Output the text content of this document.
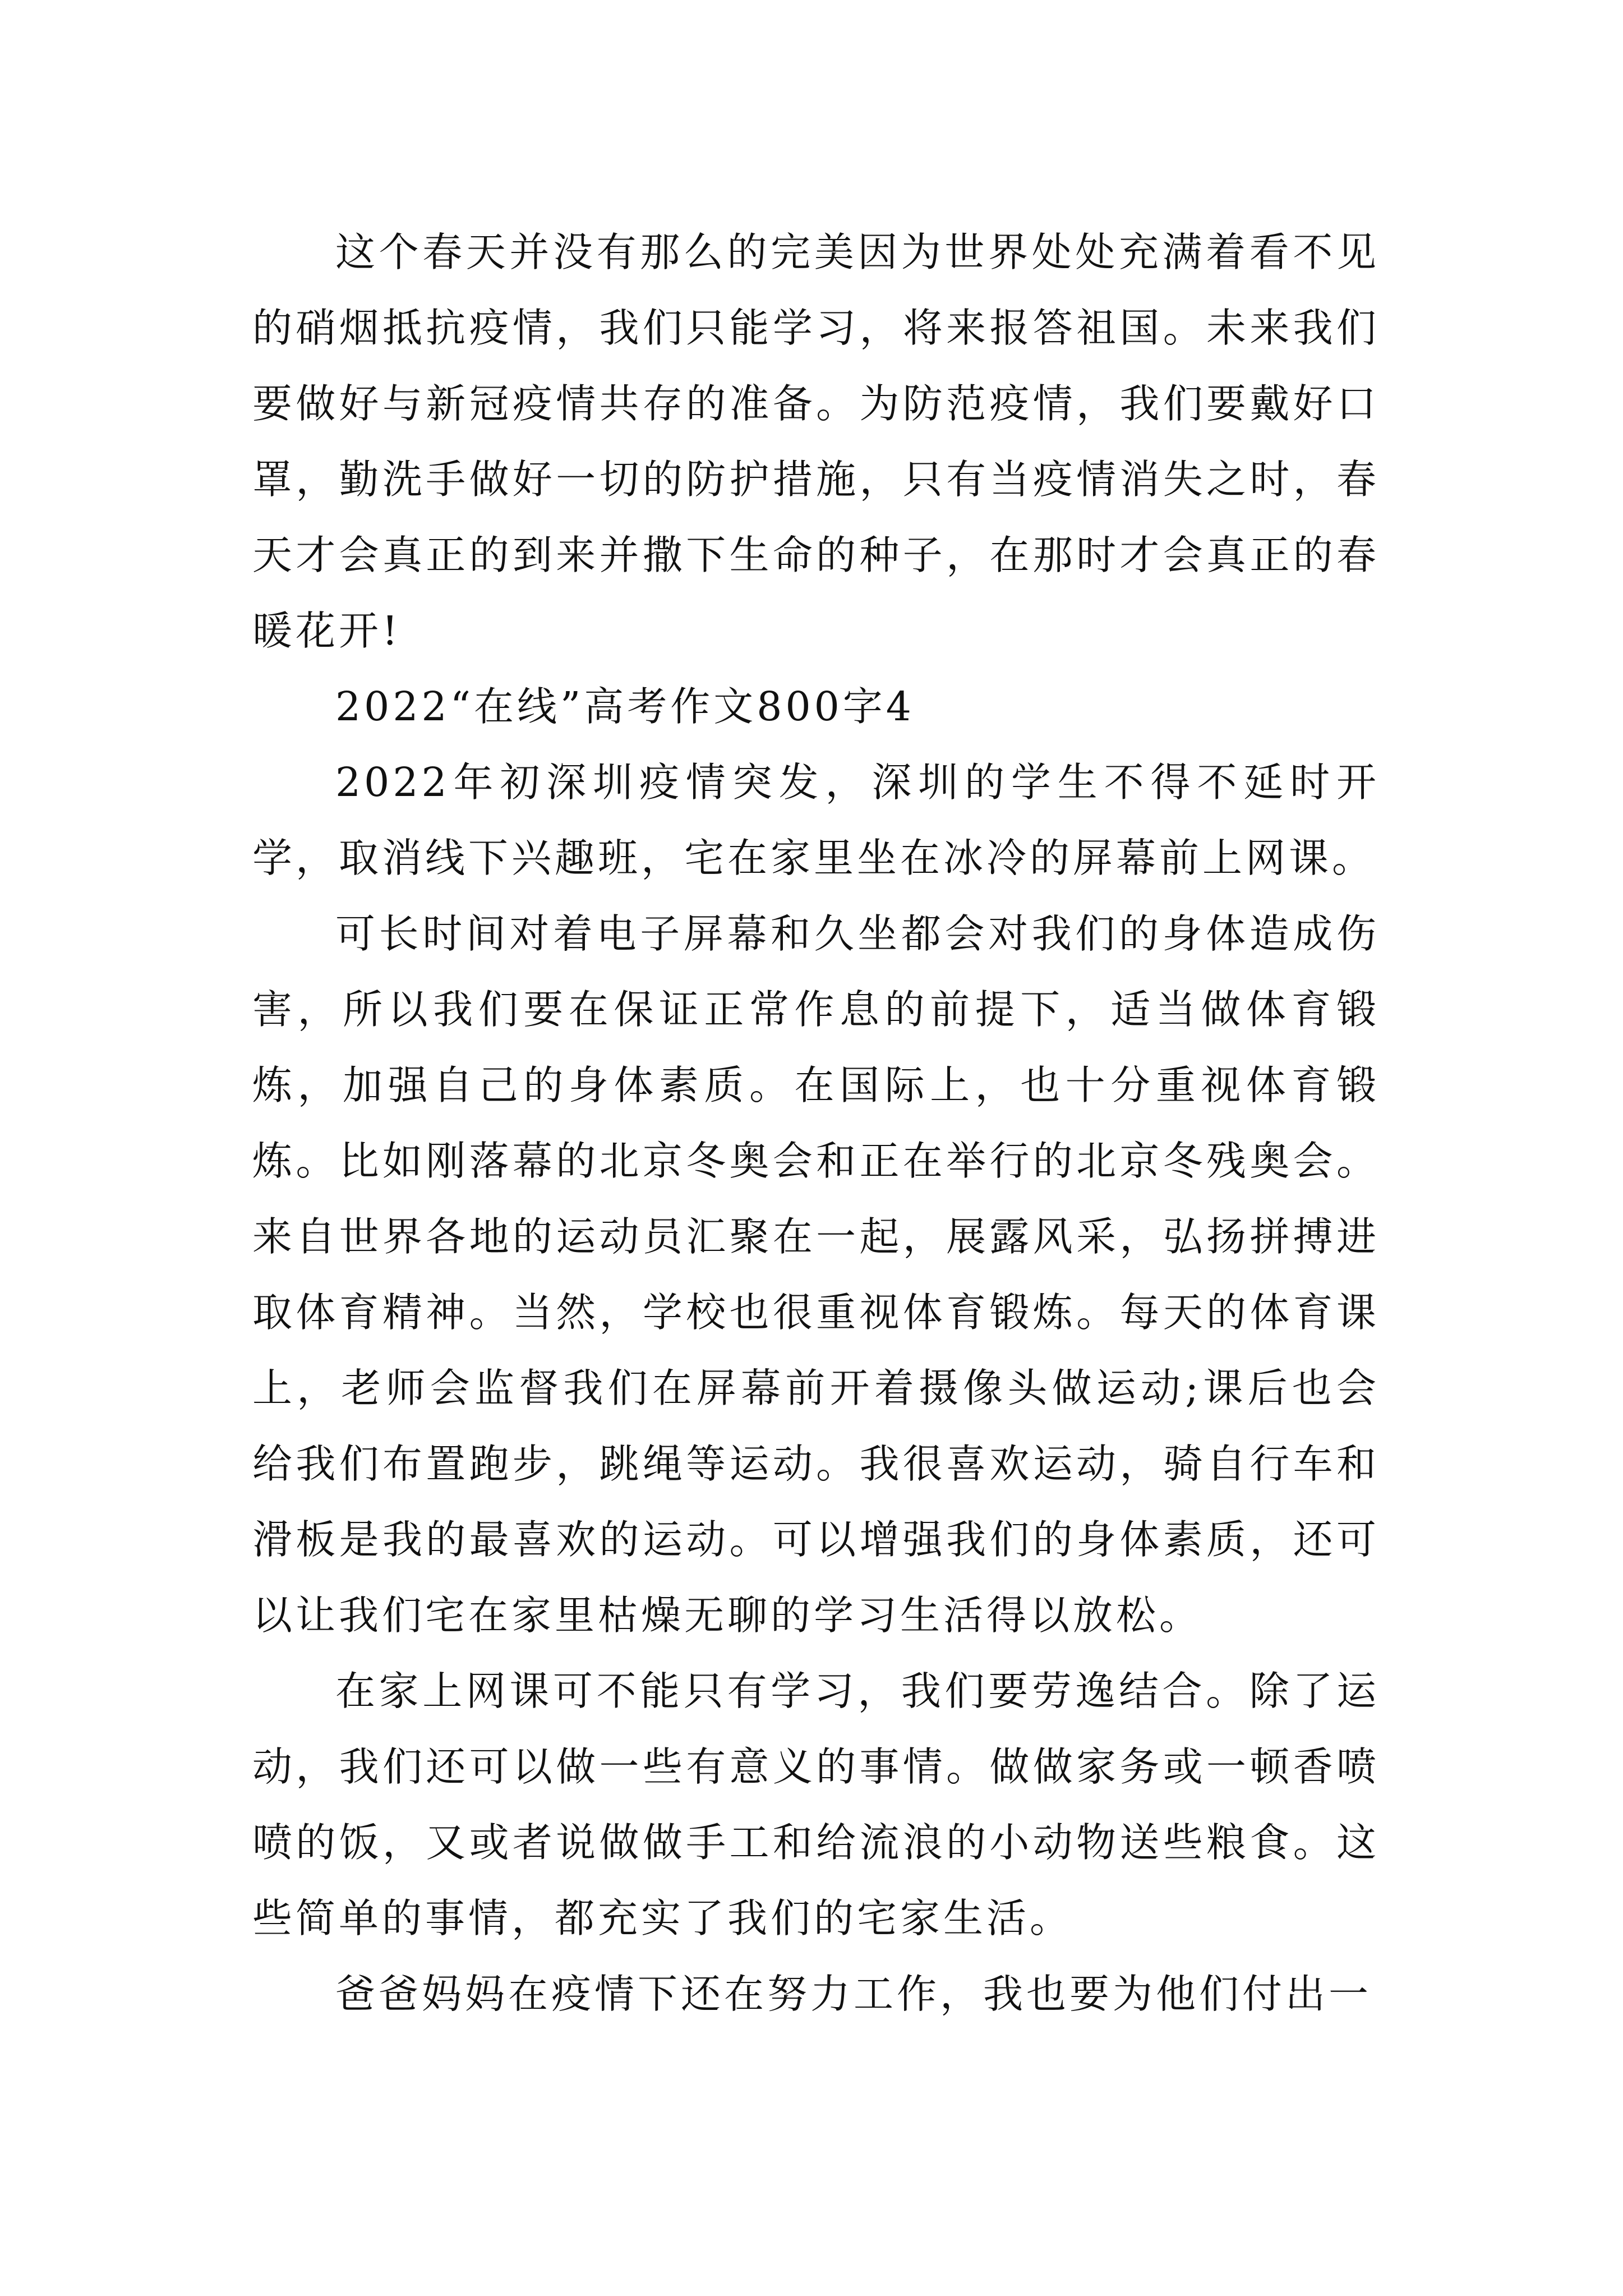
这个春天并没有那么的完美因为世界处处充满着看不见的硝烟抵抗疫情，我们只能学习，将来报答祖国。未来我们要做好与新冠疫情共存的准备。为防范疫情，我们要戴好口罩，勤洗手做好一切的防护措施，只有当疫情消失之时，春天才会真正的到来并撒下生命的种子，在那时才会真正的春暖花开!

2022“在线”高考作文800字4

2022年初深圳疫情突发，深圳的学生不得不延时开学，取消线下兴趣班，宅在家里坐在冰冷的屏幕前上网课。

可长时间对着电子屏幕和久坐都会对我们的身体造成伤害，所以我们要在保证正常作息的前提下，适当做体育锻炼，加强自己的身体素质。在国际上，也十分重视体育锻炼。比如刚落幕的北京冬奥会和正在举行的北京冬残奥会。来自世界各地的运动员汇聚在一起，展露风采，弘扬拼搏进取体育精神。当然，学校也很重视体育锻炼。每天的体育课上，老师会监督我们在屏幕前开着摄像头做运动;课后也会给我们布置跑步，跳绳等运动。我很喜欢运动，骑自行车和滑板是我的最喜欢的运动。可以增强我们的身体素质，还可以让我们宅在家里枯燥无聊的学习生活得以放松。

在家上网课可不能只有学习，我们要劳逸结合。除了运动，我们还可以做一些有意义的事情。做做家务或一顿香喷喷的饭，又或者说做做手工和给流浪的小动物送些粮食。这些简单的事情，都充实了我们的宅家生活。

爸爸妈妈在疫情下还在努力工作，我也要为他们付出一
